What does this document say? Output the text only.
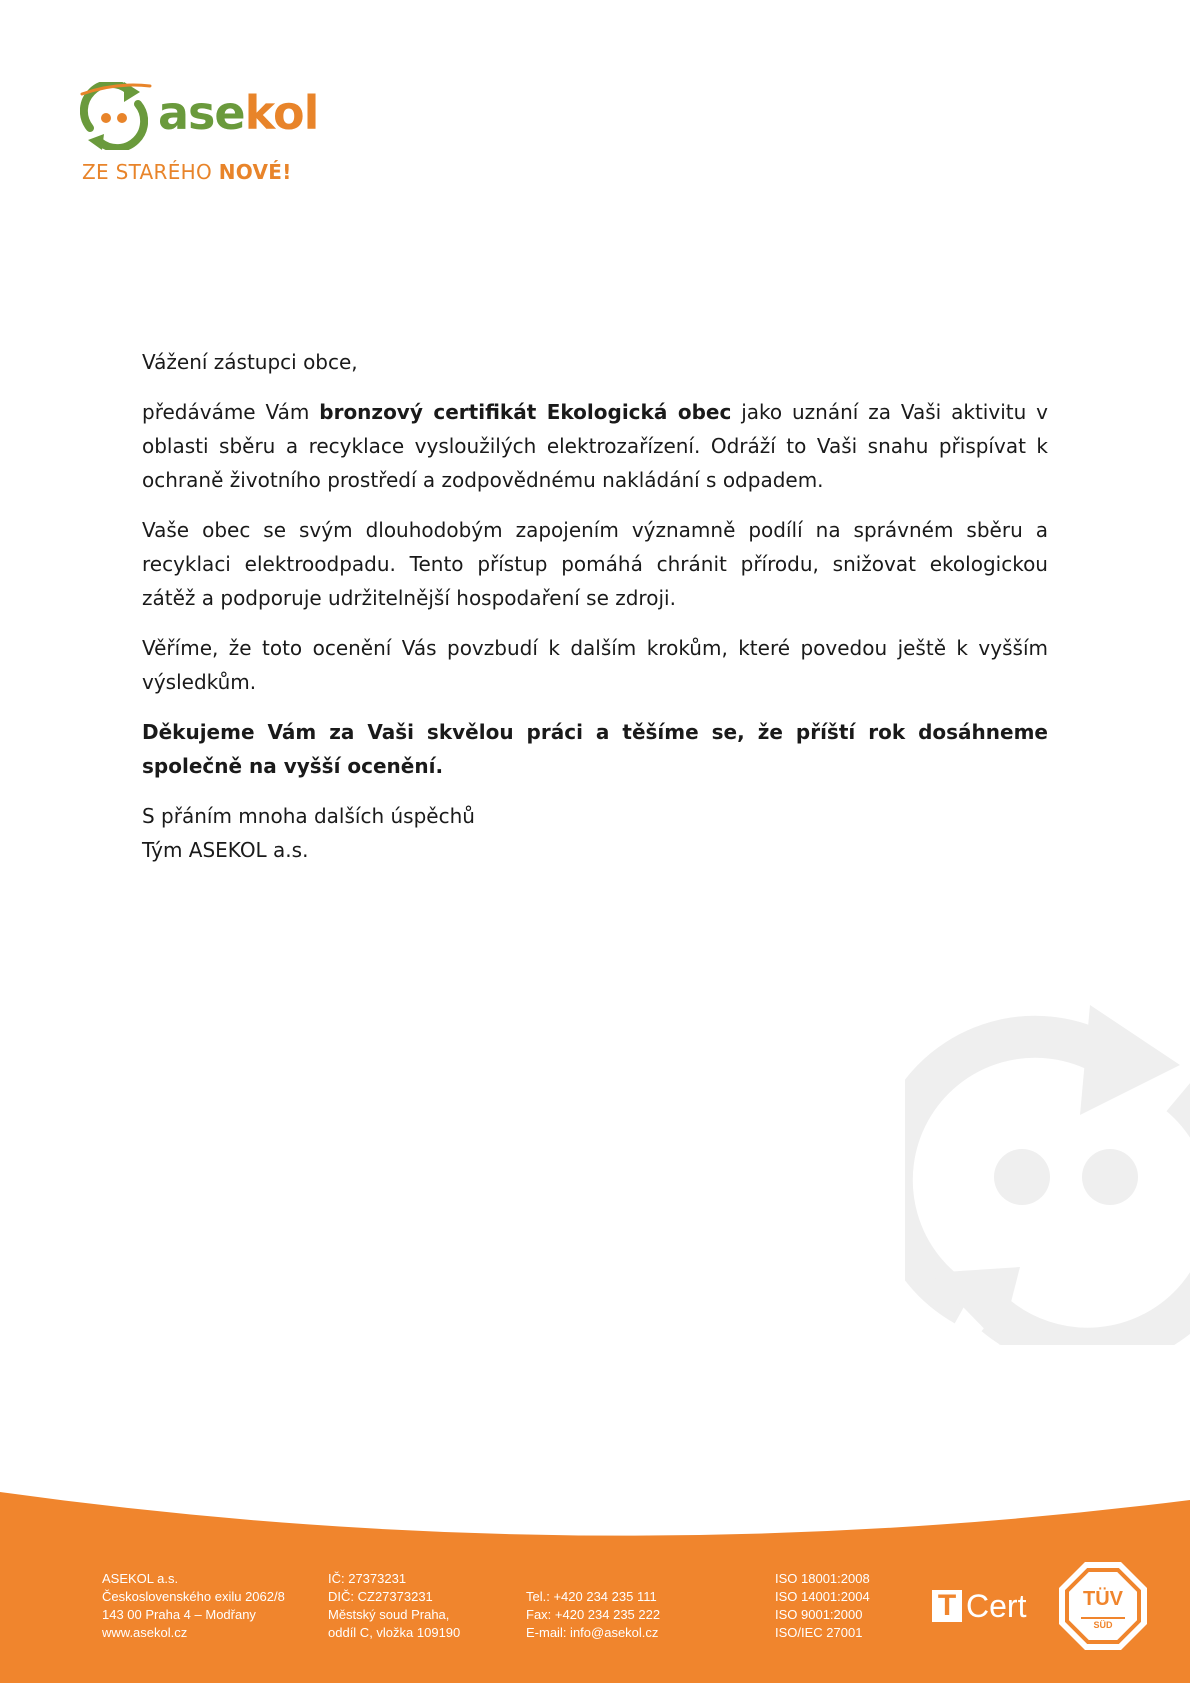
asekol
ZE STARÉHO NOVÉ!

Vážení zástupci obce,

předáváme Vám bronzový certifikát Ekologická obec jako uznání za Vaši aktivitu v oblasti sběru a recyklace vysloužilých elektrozařízení. Odráží to Vaši snahu přispívat k ochraně životního prostředí a zodpovědnému nakládání s odpadem.

Vaše obec se svým dlouhodobým zapojením významně podílí na správném sběru a recyklaci elektroodpadu. Tento přístup pomáhá chránit přírodu, snižovat ekologickou zátěž a podporuje udržitelnější hospodaření se zdroji.

Věříme, že toto ocenění Vás povzbudí k dalším krokům, které povedou ještě k vyšším výsledkům.

Děkujeme Vám za Vaši skvělou práci a těšíme se, že příští rok dosáhneme společně na vyšší ocenění.

S přáním mnoha dalších úspěchů
Tým ASEKOL a.s.

ASEKOL a.s.
Československého exilu 2062/8
143 00 Praha 4 – Modřany
www.asekol.cz
IČ: 27373231
DIČ: CZ27373231
Městský soud Praha,
oddíl C, vložka 109190
Tel.: +420 234 235 111
Fax: +420 234 235 222
E-mail: info@asekol.cz
ISO 18001:2008
ISO 14001:2004
ISO 9001:2000
ISO/IEC 27001
T Cert	TÜV
SÜD
